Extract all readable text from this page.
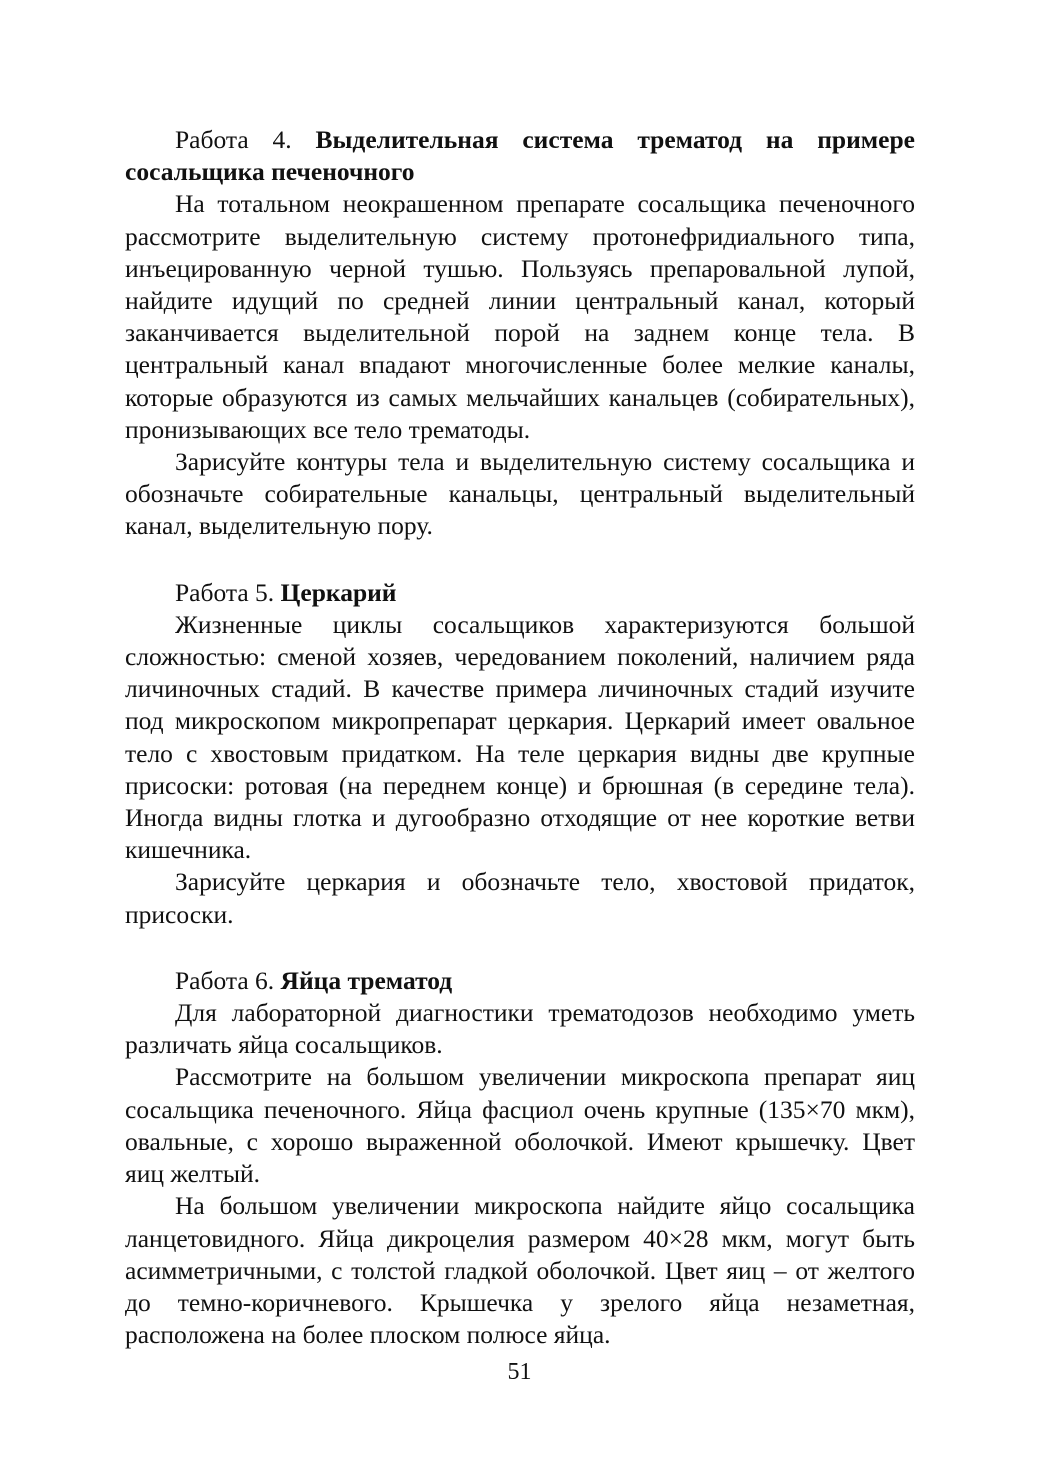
Работа 4. Выделительная система трематод на примере сосальщика печеночного

На тотальном неокрашенном препарате сосальщика печеночного рассмотрите выделительную систему протонефридиального типа, инъецированную черной тушью. Пользуясь препаровальной лупой, найдите идущий по средней линии центральный канал, который заканчивается выделительной порой на заднем конце тела. В центральный канал впадают многочисленные более мелкие каналы, которые образуются из самых мельчайших канальцев (собирательных), пронизывающих все тело трематоды.

Зарисуйте контуры тела и выделительную систему сосальщика и обозначьте собирательные канальцы, центральный выделительный канал, выделительную пору.

Работа 5. Церкарий

Жизненные циклы сосальщиков характеризуются большой сложностью: сменой хозяев, чередованием поколений, наличием ряда личиночных стадий. В качестве примера личиночных стадий изучите под микроскопом микропрепарат церкария. Церкарий имеет овальное тело с хвостовым придатком. На теле церкария видны две крупные присоски: ротовая (на переднем конце) и брюшная (в середине тела). Иногда видны глотка и дугообразно отходящие от нее короткие ветви кишечника.

Зарисуйте церкария и обозначьте тело, хвостовой придаток, присоски.

Работа 6. Яйца трематод

Для лабораторной диагностики трематодозов необходимо уметь различать яйца сосальщиков.

Рассмотрите на большом увеличении микроскопа препарат яиц сосальщика печеночного. Яйца фасциол очень крупные (135×70 мкм), овальные, с хорошо выраженной оболочкой. Имеют крышечку. Цвет яиц желтый.

На большом увеличении микроскопа найдите яйцо сосальщика ланцетовидного. Яйца дикроцелия размером 40×28 мкм, могут быть асимметричными, с толстой гладкой оболочкой. Цвет яиц – от желтого до темно-коричневого. Крышечка у зрелого яйца незаметная, расположена на более плоском полюсе яйца.

51
